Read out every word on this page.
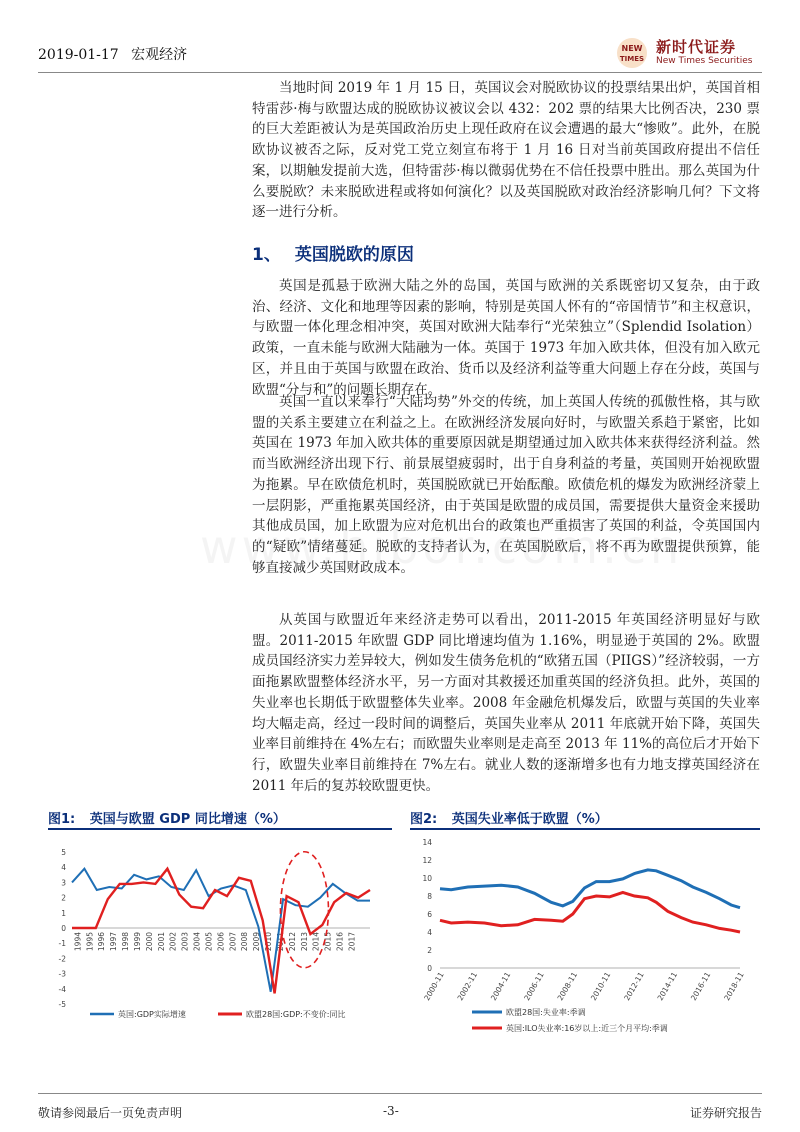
2019-01-17 宏观经济	NEW
TIMES
新时代证券
New Times Securities

当地时间 2019 年 1 月 15 日，英国议会对脱欧协议的投票结果出炉，英国首相特雷莎·梅与欧盟达成的脱欧协议被议会以 432：202 票的结果大比例否决，230 票的巨大差距被认为是英国政治历史上现任政府在议会遭遇的最大“惨败”。此外，在脱欧协议被否之际，反对党工党立刻宣布将于 1 月 16 日对当前英国政府提出不信任案，以期触发提前大选，但特雷莎·梅以微弱优势在不信任投票中胜出。那么英国为什么要脱欧？未来脱欧进程或将如何演化？以及英国脱欧对政治经济影响几何？下文将逐一进行分析。

1、 英国脱欧的原因

英国是孤悬于欧洲大陆之外的岛国，英国与欧洲的关系既密切又复杂，由于政治、经济、文化和地理等因素的影响，特别是英国人怀有的“帝国情节”和主权意识，与欧盟一体化理念相冲突，英国对欧洲大陆奉行“光荣独立”（Splendid Isolation）政策，一直未能与欧洲大陆融为一体。英国于 1973 年加入欧共体，但没有加入欧元区，并且由于英国与欧盟在政治、货币以及经济利益等重大问题上存在分歧，英国与欧盟“分与和”的问题长期存在。

英国一直以来奉行“大陆均势”外交的传统，加上英国人传统的孤傲性格，其与欧盟的关系主要建立在利益之上。在欧洲经济发展向好时，与欧盟关系趋于紧密，比如英国在 1973 年加入欧共体的重要原因就是期望通过加入欧共体来获得经济利益。然而当欧洲经济出现下行、前景展望疲弱时，出于自身利益的考量，英国则开始视欧盟为拖累。早在欧债危机时，英国脱欧就已开始酝酿。欧债危机的爆发为欧洲经济蒙上一层阴影，严重拖累英国经济，由于英国是欧盟的成员国，需要提供大量资金来援助其他成员国，加上欧盟为应对危机出台的政策也严重损害了英国的利益，令英国国内的“疑欧”情绪蔓延。脱欧的支持者认为，在英国脱欧后，将不再为欧盟提供预算，能够直接减少英国财政成本。

从英国与欧盟近年来经济走势可以看出，2011-2015 年英国经济明显好与欧盟。2011-2015 年欧盟 GDP 同比增速均值为 1.16%，明显逊于英国的 2%。欧盟成员国经济实力差异较大，例如发生债务危机的“欧猪五国（PIIGS）”经济较弱，一方面拖累欧盟整体经济水平，另一方面对其救援还加重英国的经济负担。此外，英国的失业率也长期低于欧盟整体失业率。2008 年金融危机爆发后，欧盟与英国的失业率均大幅走高，经过一段时间的调整后，英国失业率从 2011 年底就开始下降，英国失业率目前维持在 4%左右；而欧盟失业率则是走高至 2013 年 11%的高位后才开始下行，欧盟失业率目前维持在 7%左右。就业人数的逐渐增多也有力地支撑英国经济在 2011 年后的复苏较欧盟更快。

图1: 英国与欧盟 GDP 同比增速（%）	图2: 英国失业率低于欧盟（%）
5
4
3
2
1
0
-1
-2
-3
-4
-5
1994 1995 1996 1997 1998 1999 2000 2001 2002 2003 2004 2005 2006 2007 2008 2009 2010 2011 2012 2013 2014 2015 2016 2017
英国:GDP实际增速	欧盟28国:GDP:不变价:同比
14
12
10
8
6
4
2
0
2000-11 2002-11 2004-11 2006-11 2008-11 2010-11 2012-11 2014-11 2016-11 2018-11
欧盟28国:失业率:季调
英国:ILO失业率:16岁以上:近三个月平均:季调
敬请参阅最后一页免责声明	-3-	证券研究报告
